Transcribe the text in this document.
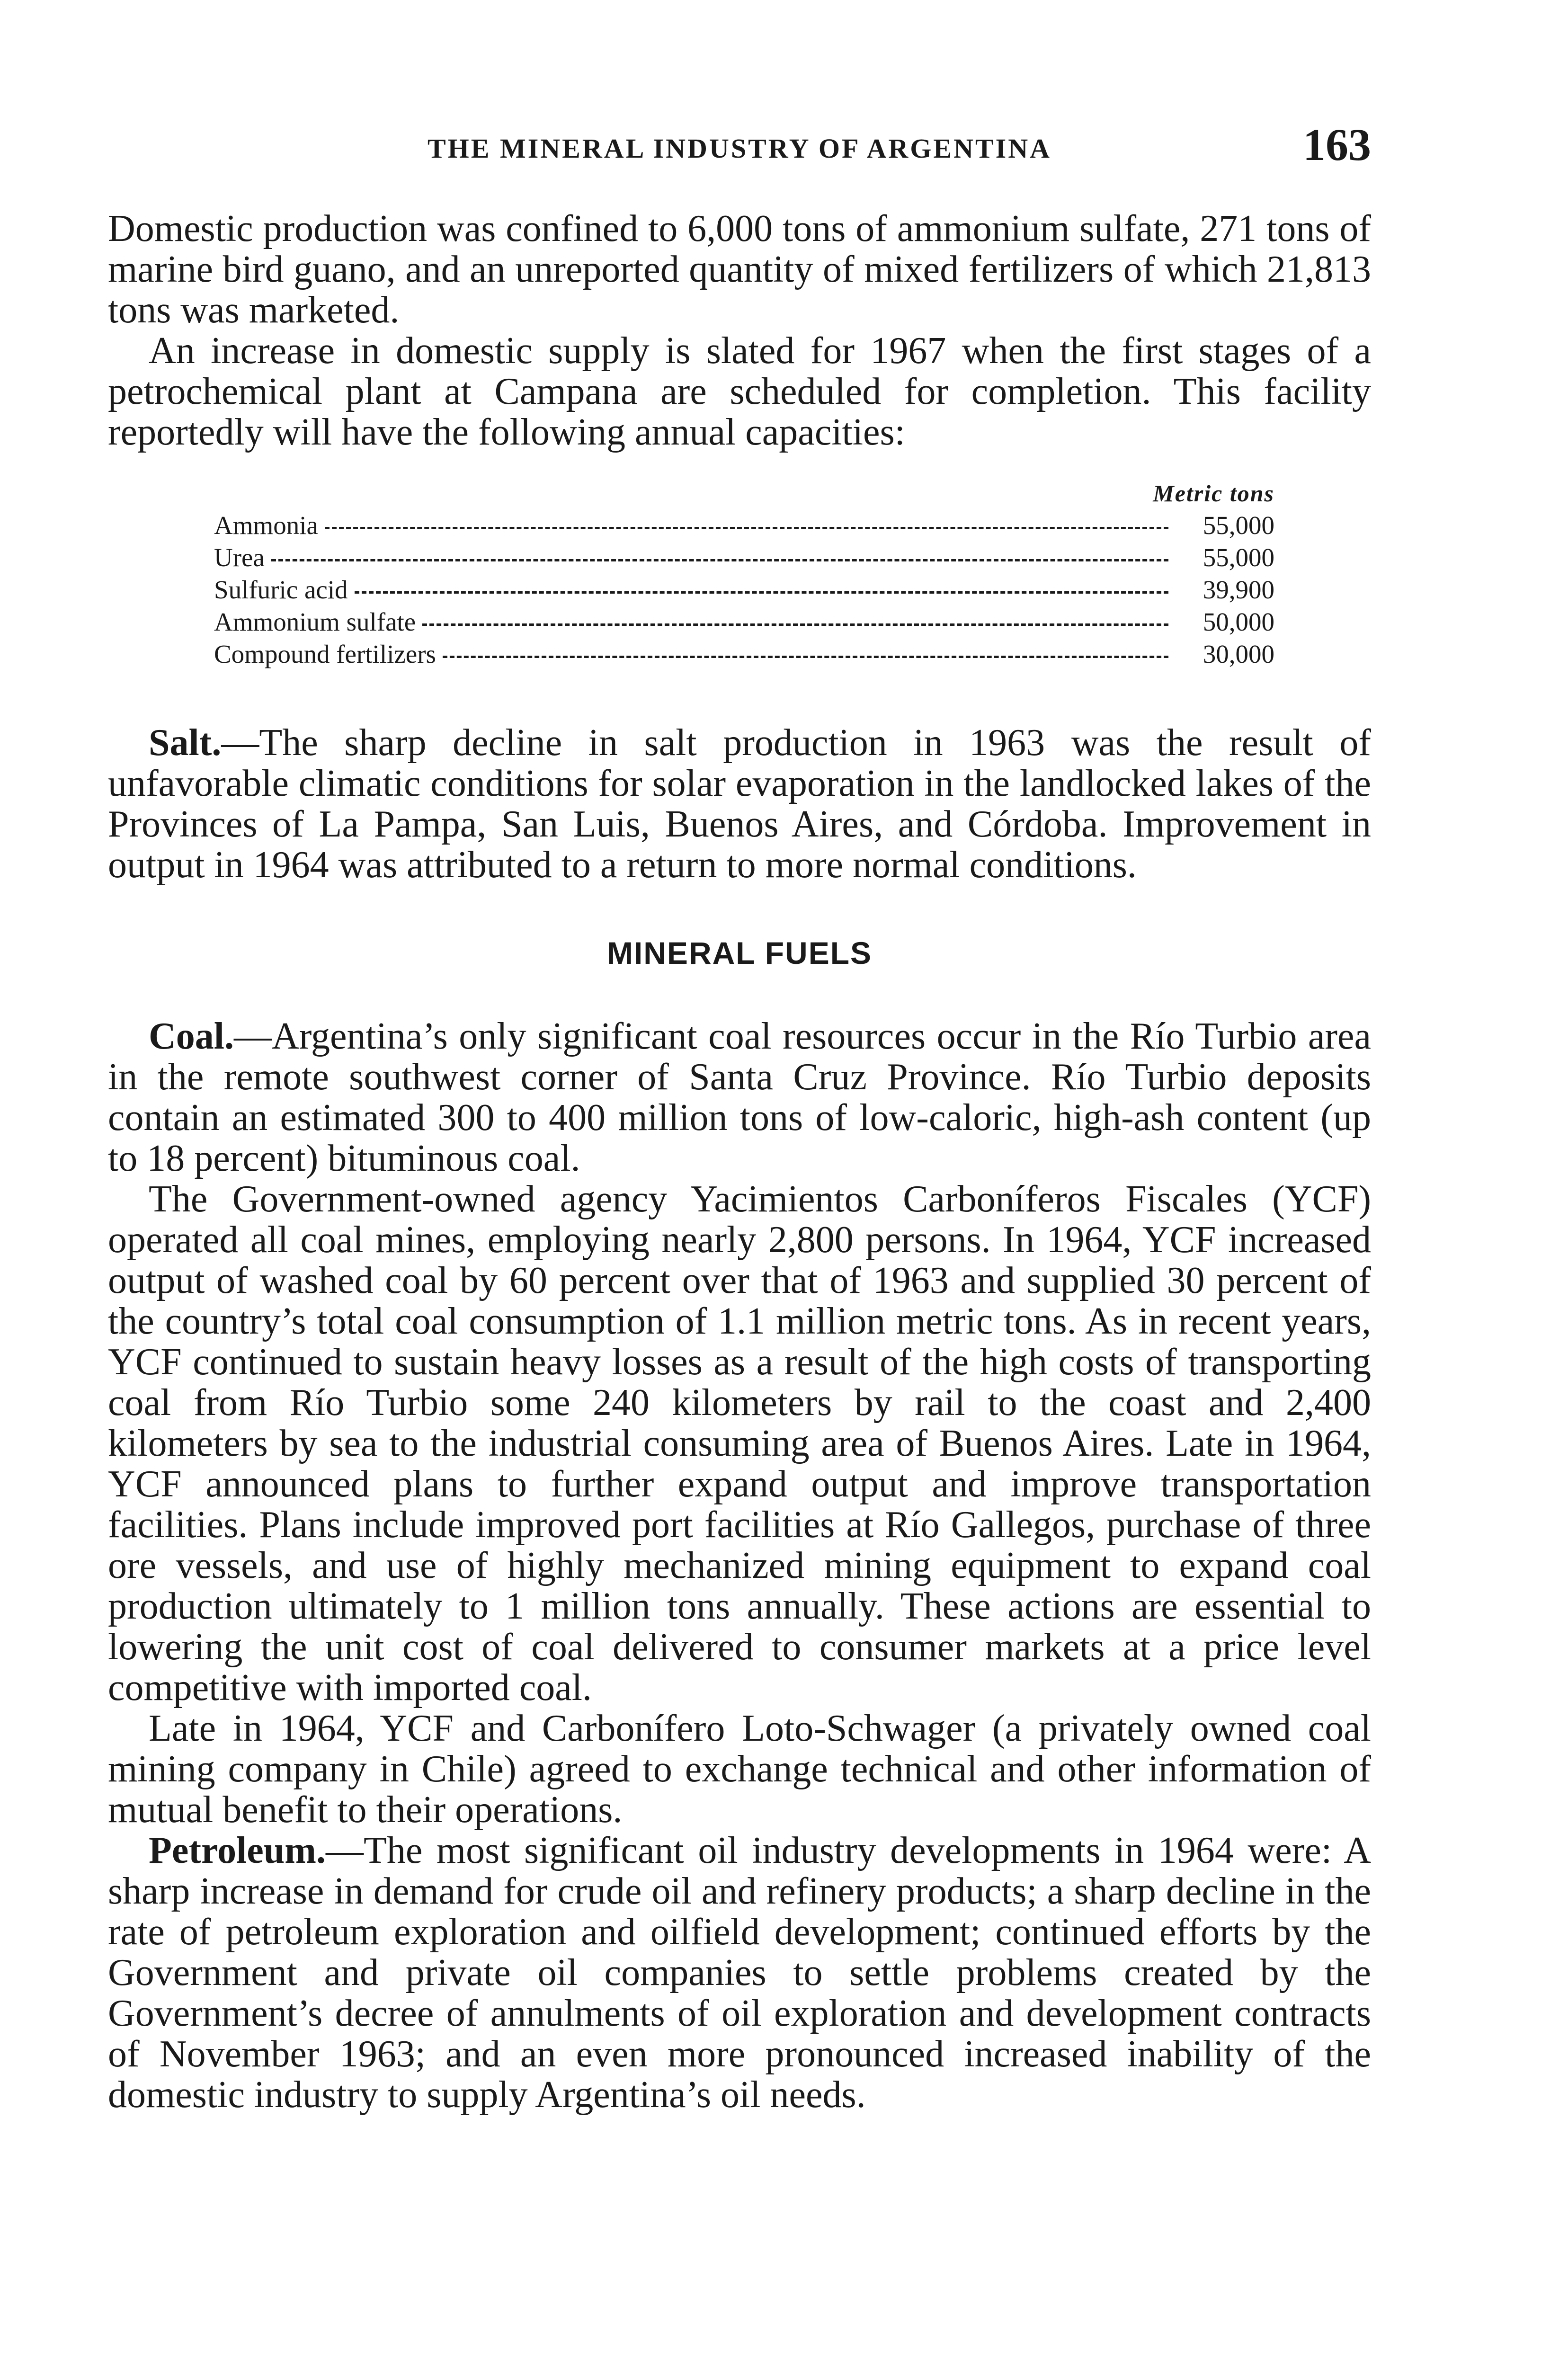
THE MINERAL INDUSTRY OF ARGENTINA	163

Domestic production was confined to 6,000 tons of ammonium sulfate, 271 tons of marine bird guano, and an unreported quantity of mixed fertilizers of which 21,813 tons was marketed.

An increase in domestic supply is slated for 1967 when the first stages of a petrochemical plant at Campana are scheduled for completion. This facility reportedly will have the following annual capacities:

Metric tons
Ammonia	55,000
Urea	55,000
Sulfuric acid	39,900
Ammonium sulfate	50,000
Compound fertilizers	30,000

Salt.—The sharp decline in salt production in 1963 was the result of unfavorable climatic conditions for solar evaporation in the landlocked lakes of the Provinces of La Pampa, San Luis, Buenos Aires, and Córdoba. Improvement in output in 1964 was attributed to a return to more normal conditions.

MINERAL FUELS

Coal.—Argentina’s only significant coal resources occur in the Río Turbio area in the remote southwest corner of Santa Cruz Province. Río Turbio deposits contain an estimated 300 to 400 million tons of low-caloric, high-ash content (up to 18 percent) bituminous coal.

The Government-owned agency Yacimientos Carboníferos Fiscales (YCF) operated all coal mines, employing nearly 2,800 persons. In 1964, YCF increased output of washed coal by 60 percent over that of 1963 and supplied 30 percent of the country’s total coal consumption of 1.1 million metric tons. As in recent years, YCF continued to sustain heavy losses as a result of the high costs of transporting coal from Río Turbio some 240 kilometers by rail to the coast and 2,400 kilometers by sea to the industrial consuming area of Buenos Aires. Late in 1964, YCF announced plans to further expand output and improve transportation facilities. Plans include improved port facilities at Río Gallegos, purchase of three ore vessels, and use of highly mechanized mining equipment to expand coal production ultimately to 1 million tons annually. These actions are essential to lowering the unit cost of coal delivered to consumer markets at a price level competitive with imported coal.

Late in 1964, YCF and Carbonífero Loto-Schwager (a privately owned coal mining company in Chile) agreed to exchange technical and other information of mutual benefit to their operations.

Petroleum.—The most significant oil industry developments in 1964 were: A sharp increase in demand for crude oil and refinery products; a sharp decline in the rate of petroleum exploration and oilfield development; continued efforts by the Government and private oil companies to settle problems created by the Government’s decree of annulments of oil exploration and development contracts of November 1963; and an even more pronounced increased inability of the domestic industry to supply Argentina’s oil needs.
